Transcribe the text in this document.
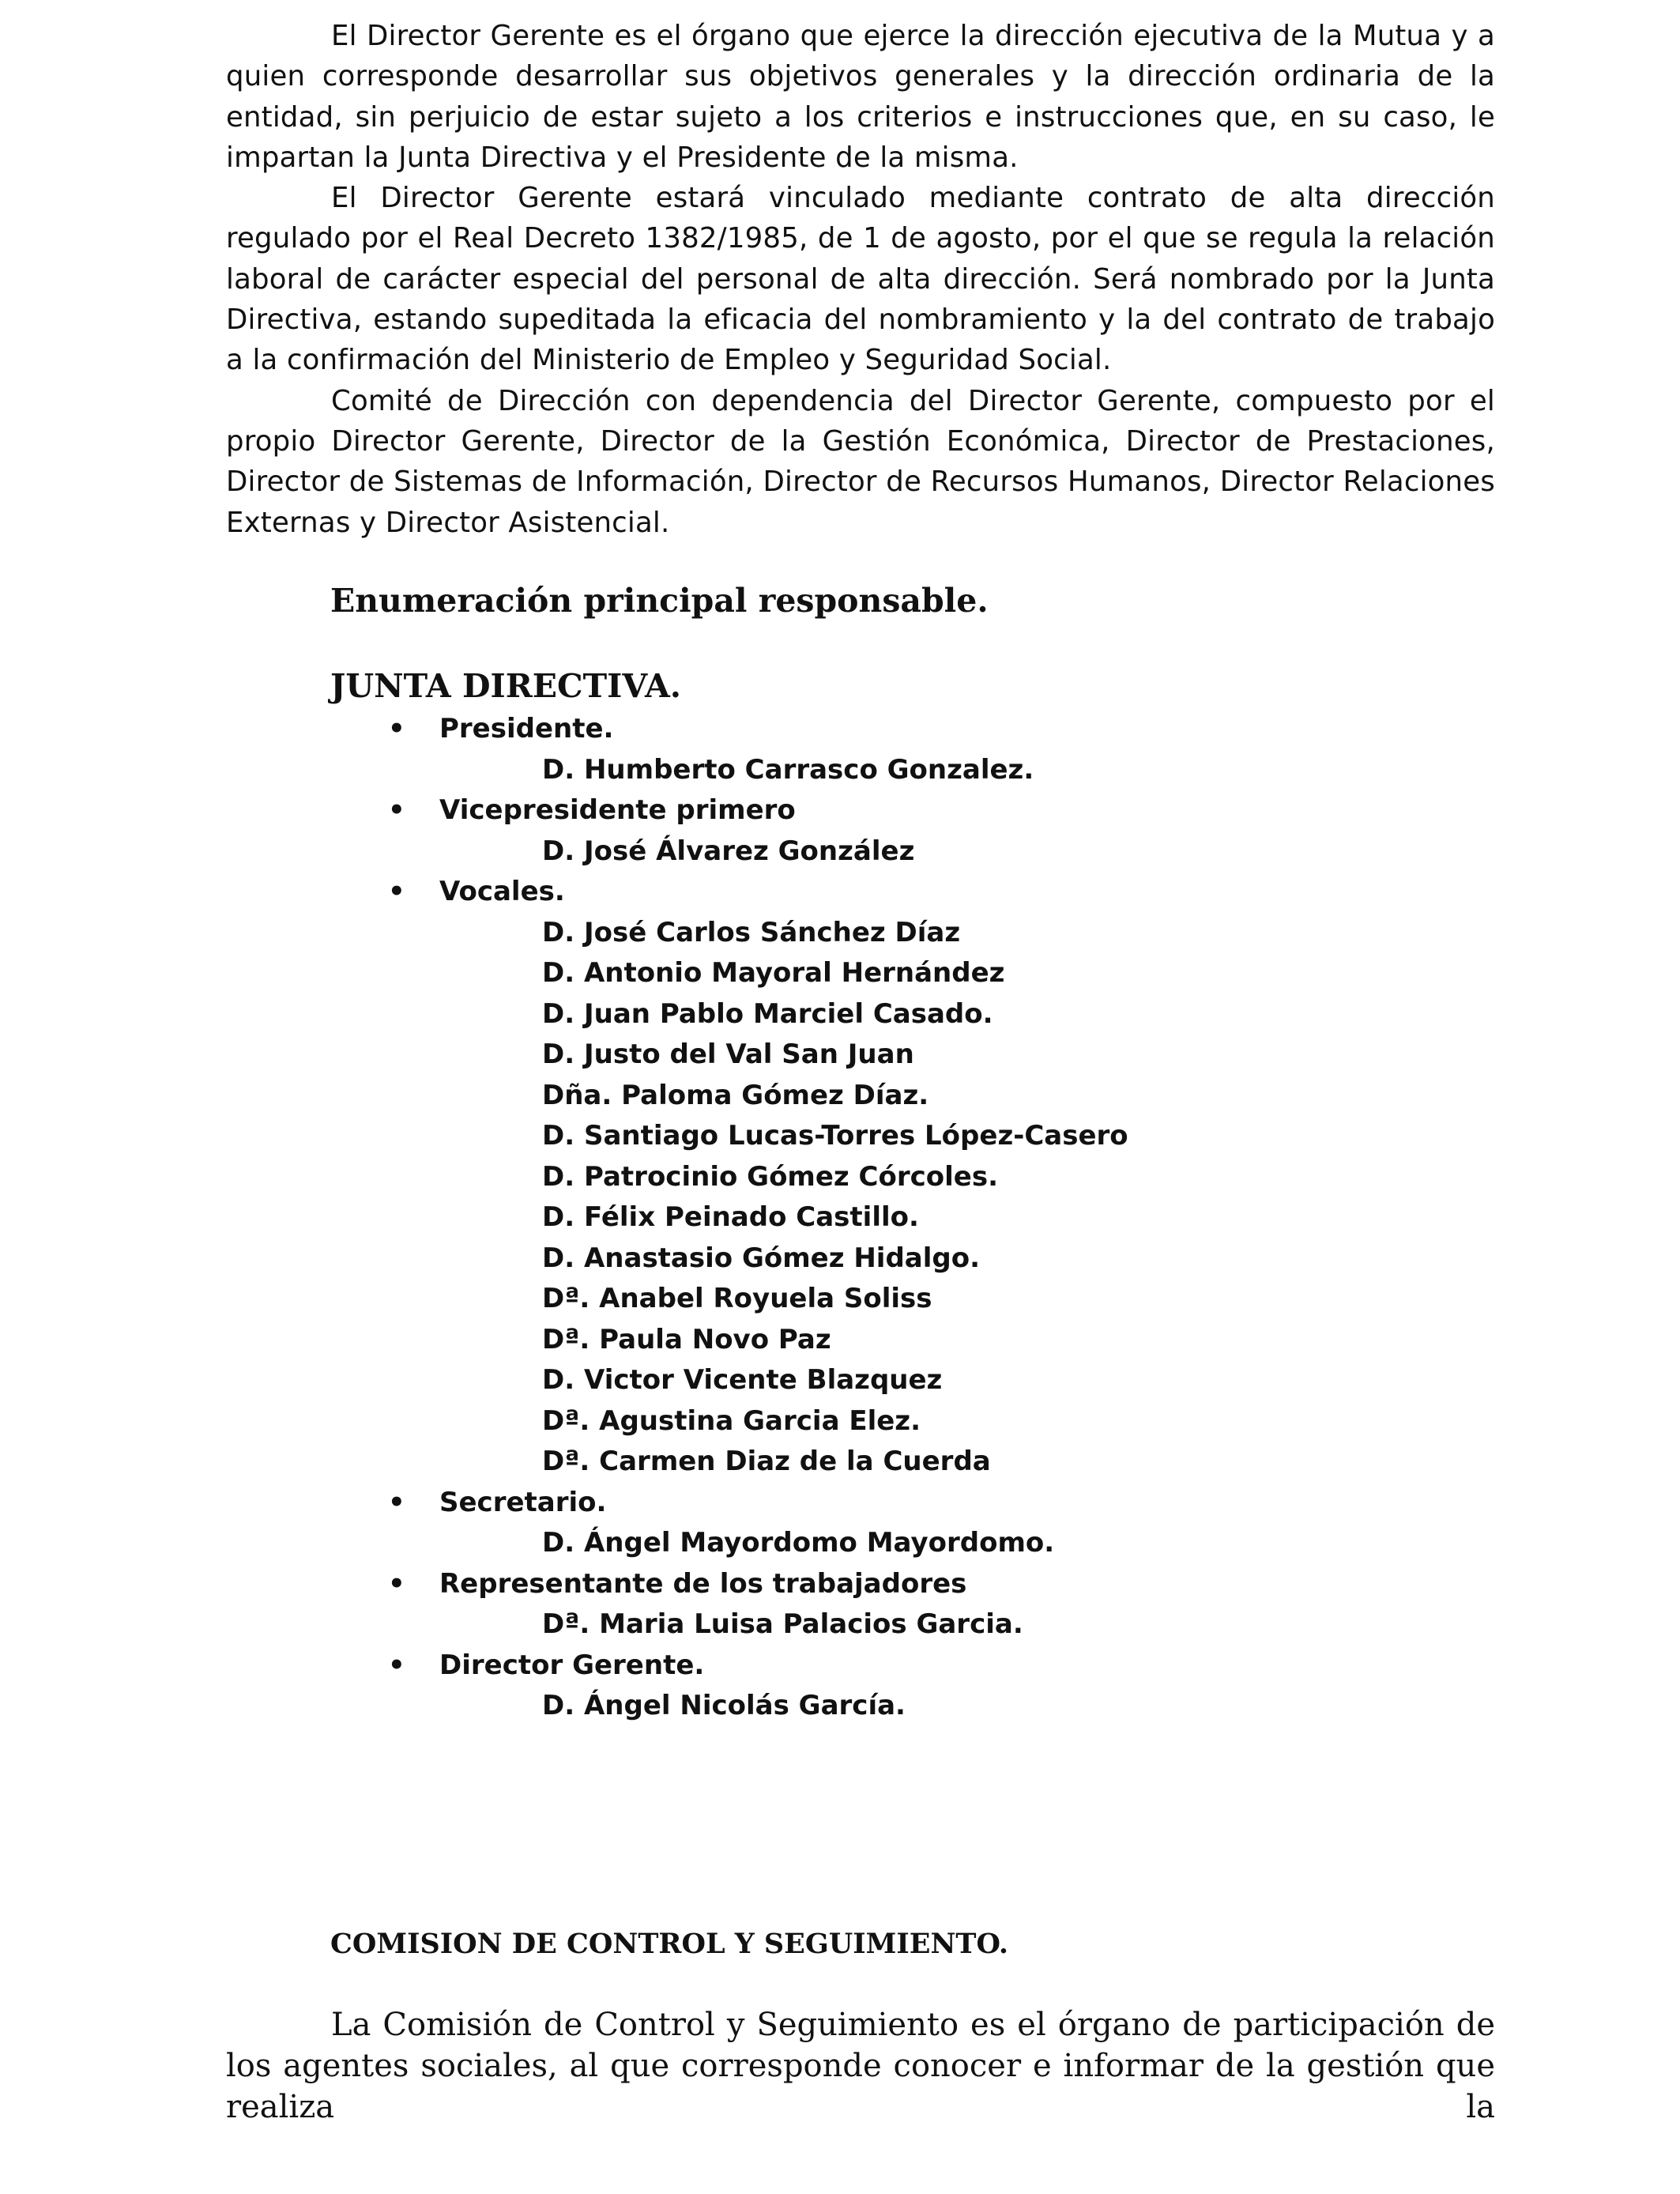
El Director Gerente es el órgano que ejerce la dirección ejecutiva de la Mutua y a quien corresponde desarrollar sus objetivos generales y la dirección ordinaria de la entidad, sin perjuicio de estar sujeto a los criterios e instrucciones que, en su caso, le impartan la Junta Directiva y el Presidente de la misma.

El Director Gerente estará vinculado mediante contrato de alta dirección regulado por el Real Decreto 1382/1985, de 1 de agosto, por el que se regula la relación laboral de carácter especial del personal de alta dirección. Será nombrado por la Junta Directiva, estando supeditada la eficacia del nombramiento y la del contrato de trabajo a la confirmación del Ministerio de Empleo y Seguridad Social.

Comité de Dirección con dependencia del Director Gerente, compuesto por el propio Director Gerente, Director de la Gestión Económica, Director de Prestaciones, Director de Sistemas de Información, Director de Recursos Humanos, Director Relaciones Externas y Director Asistencial.

Enumeración principal responsable.
JUNTA DIRECTIVA.
• Presidente.
D. Humberto Carrasco Gonzalez.
• Vicepresidente primero
D. José Álvarez González
• Vocales.
D. José Carlos Sánchez Díaz
D. Antonio Mayoral Hernández
D. Juan Pablo Marciel Casado.
D. Justo del Val San Juan
Dña. Paloma Gómez Díaz.
D. Santiago Lucas-Torres López-Casero
D. Patrocinio Gómez Córcoles.
D. Félix Peinado Castillo.
D. Anastasio Gómez Hidalgo.
Dª. Anabel Royuela Soliss
Dª. Paula Novo Paz
D. Victor Vicente Blazquez
Dª. Agustina Garcia Elez.
Dª. Carmen Diaz de la Cuerda
• Secretario.
D. Ángel Mayordomo Mayordomo.
• Representante de los trabajadores
Dª. Maria Luisa Palacios Garcia.
• Director Gerente.
D. Ángel Nicolás García.
COMISION DE CONTROL Y SEGUIMIENTO.

La Comisión de Control y Seguimiento es el órgano de participación de los agentes sociales, al que corresponde conocer e informar de la gestión que realiza la
